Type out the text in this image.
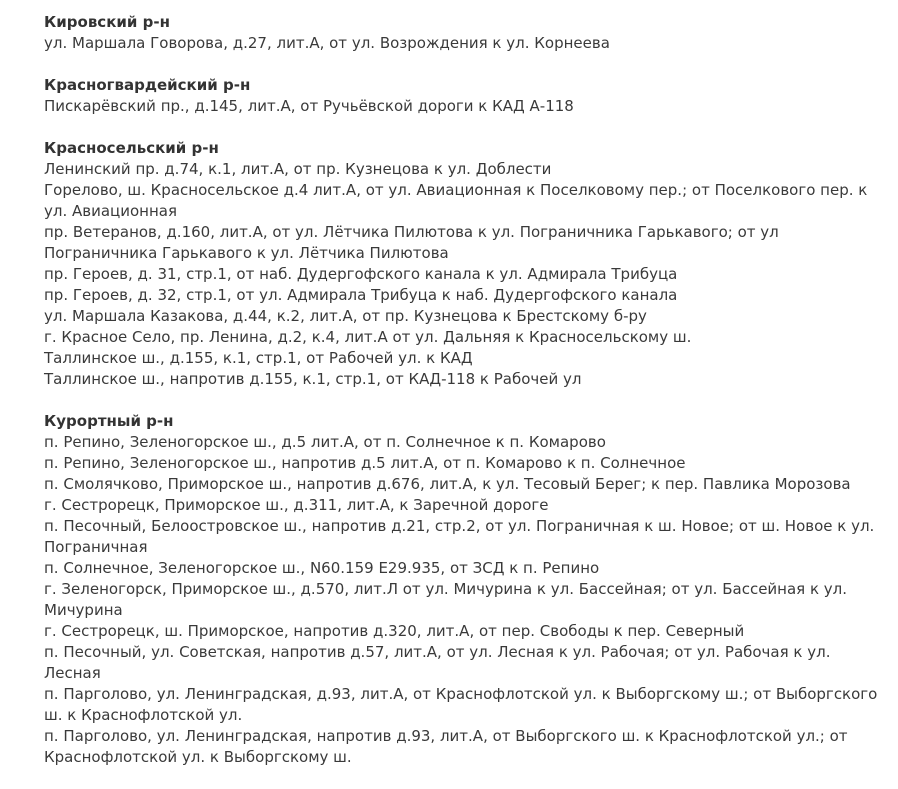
Кировский р-н
ул. Маршала Говорова, д.27, лит.А, от ул. Возрождения к ул. Корнеева
Красногвардейский р-н
Пискарёвский пр., д.145, лит.А, от Ручьёвской дороги к КАД А-118
Красносельский р-н
Ленинский пр. д.74, к.1, лит.А, от пр. Кузнецова к ул. Доблести
Горелово, ш. Красносельское д.4 лит.А, от ул. Авиационная к Поселковому пер.; от Поселкового пер. к ул. Авиационная
пр. Ветеранов, д.160, лит.А, от ул. Лётчика Пилютова к ул. Пограничника Гарькавого; от ул Пограничника Гарькавого к ул. Лётчика Пилютова
пр. Героев, д. 31, стр.1, от наб. Дудергофского канала к ул. Адмирала Трибуца
пр. Героев, д. 32, стр.1, от ул. Адмирала Трибуца к наб. Дудергофского канала
ул. Маршала Казакова, д.44, к.2, лит.А, от пр. Кузнецова к Брестскому б-ру
г. Красное Село, пр. Ленина, д.2, к.4, лит.А от ул. Дальняя к Красносельскому ш.
Таллинское ш., д.155, к.1, стр.1, от Рабочей ул. к КАД
Таллинское ш., напротив д.155, к.1, стр.1, от КАД-118 к Рабочей ул
Курортный р-н
п. Репино, Зеленогорское ш., д.5 лит.А, от п. Солнечное к п. Комарово
п. Репино, Зеленогорское ш., напротив д.5 лит.А, от п. Комарово к п. Солнечное
п. Смолячково, Приморское ш., напротив д.676, лит.А, к ул. Тесовый Берег; к пер. Павлика Морозова
г. Сестрорецк, Приморское ш., д.311, лит.А, к Заречной дороге
п. Песочный, Белоостровское ш., напротив д.21, стр.2, от ул. Пограничная к ш. Новое; от ш. Новое к ул. Пограничная
п. Солнечное, Зеленогорское ш., N60.159 E29.935, от ЗСД к п. Репино
г. Зеленогорск, Приморское ш., д.570, лит.Л от ул. Мичурина к ул. Бассейная; от ул. Бассейная к ул. Мичурина
г. Сестрорецк, ш. Приморское, напротив д.320, лит.А, от пер. Свободы к пер. Северный
п. Песочный, ул. Советская, напротив д.57, лит.А, от ул. Лесная к ул. Рабочая; от ул. Рабочая к ул. Лесная
п. Парголово, ул. Ленинградская, д.93, лит.А, от Краснофлотской ул. к Выборгскому ш.; от Выборгского ш. к Краснофлотской ул.
п. Парголово, ул. Ленинградская, напротив д.93, лит.А, от Выборгского ш. к Краснофлотской ул.; от Краснофлотской ул. к Выборгскому ш.
